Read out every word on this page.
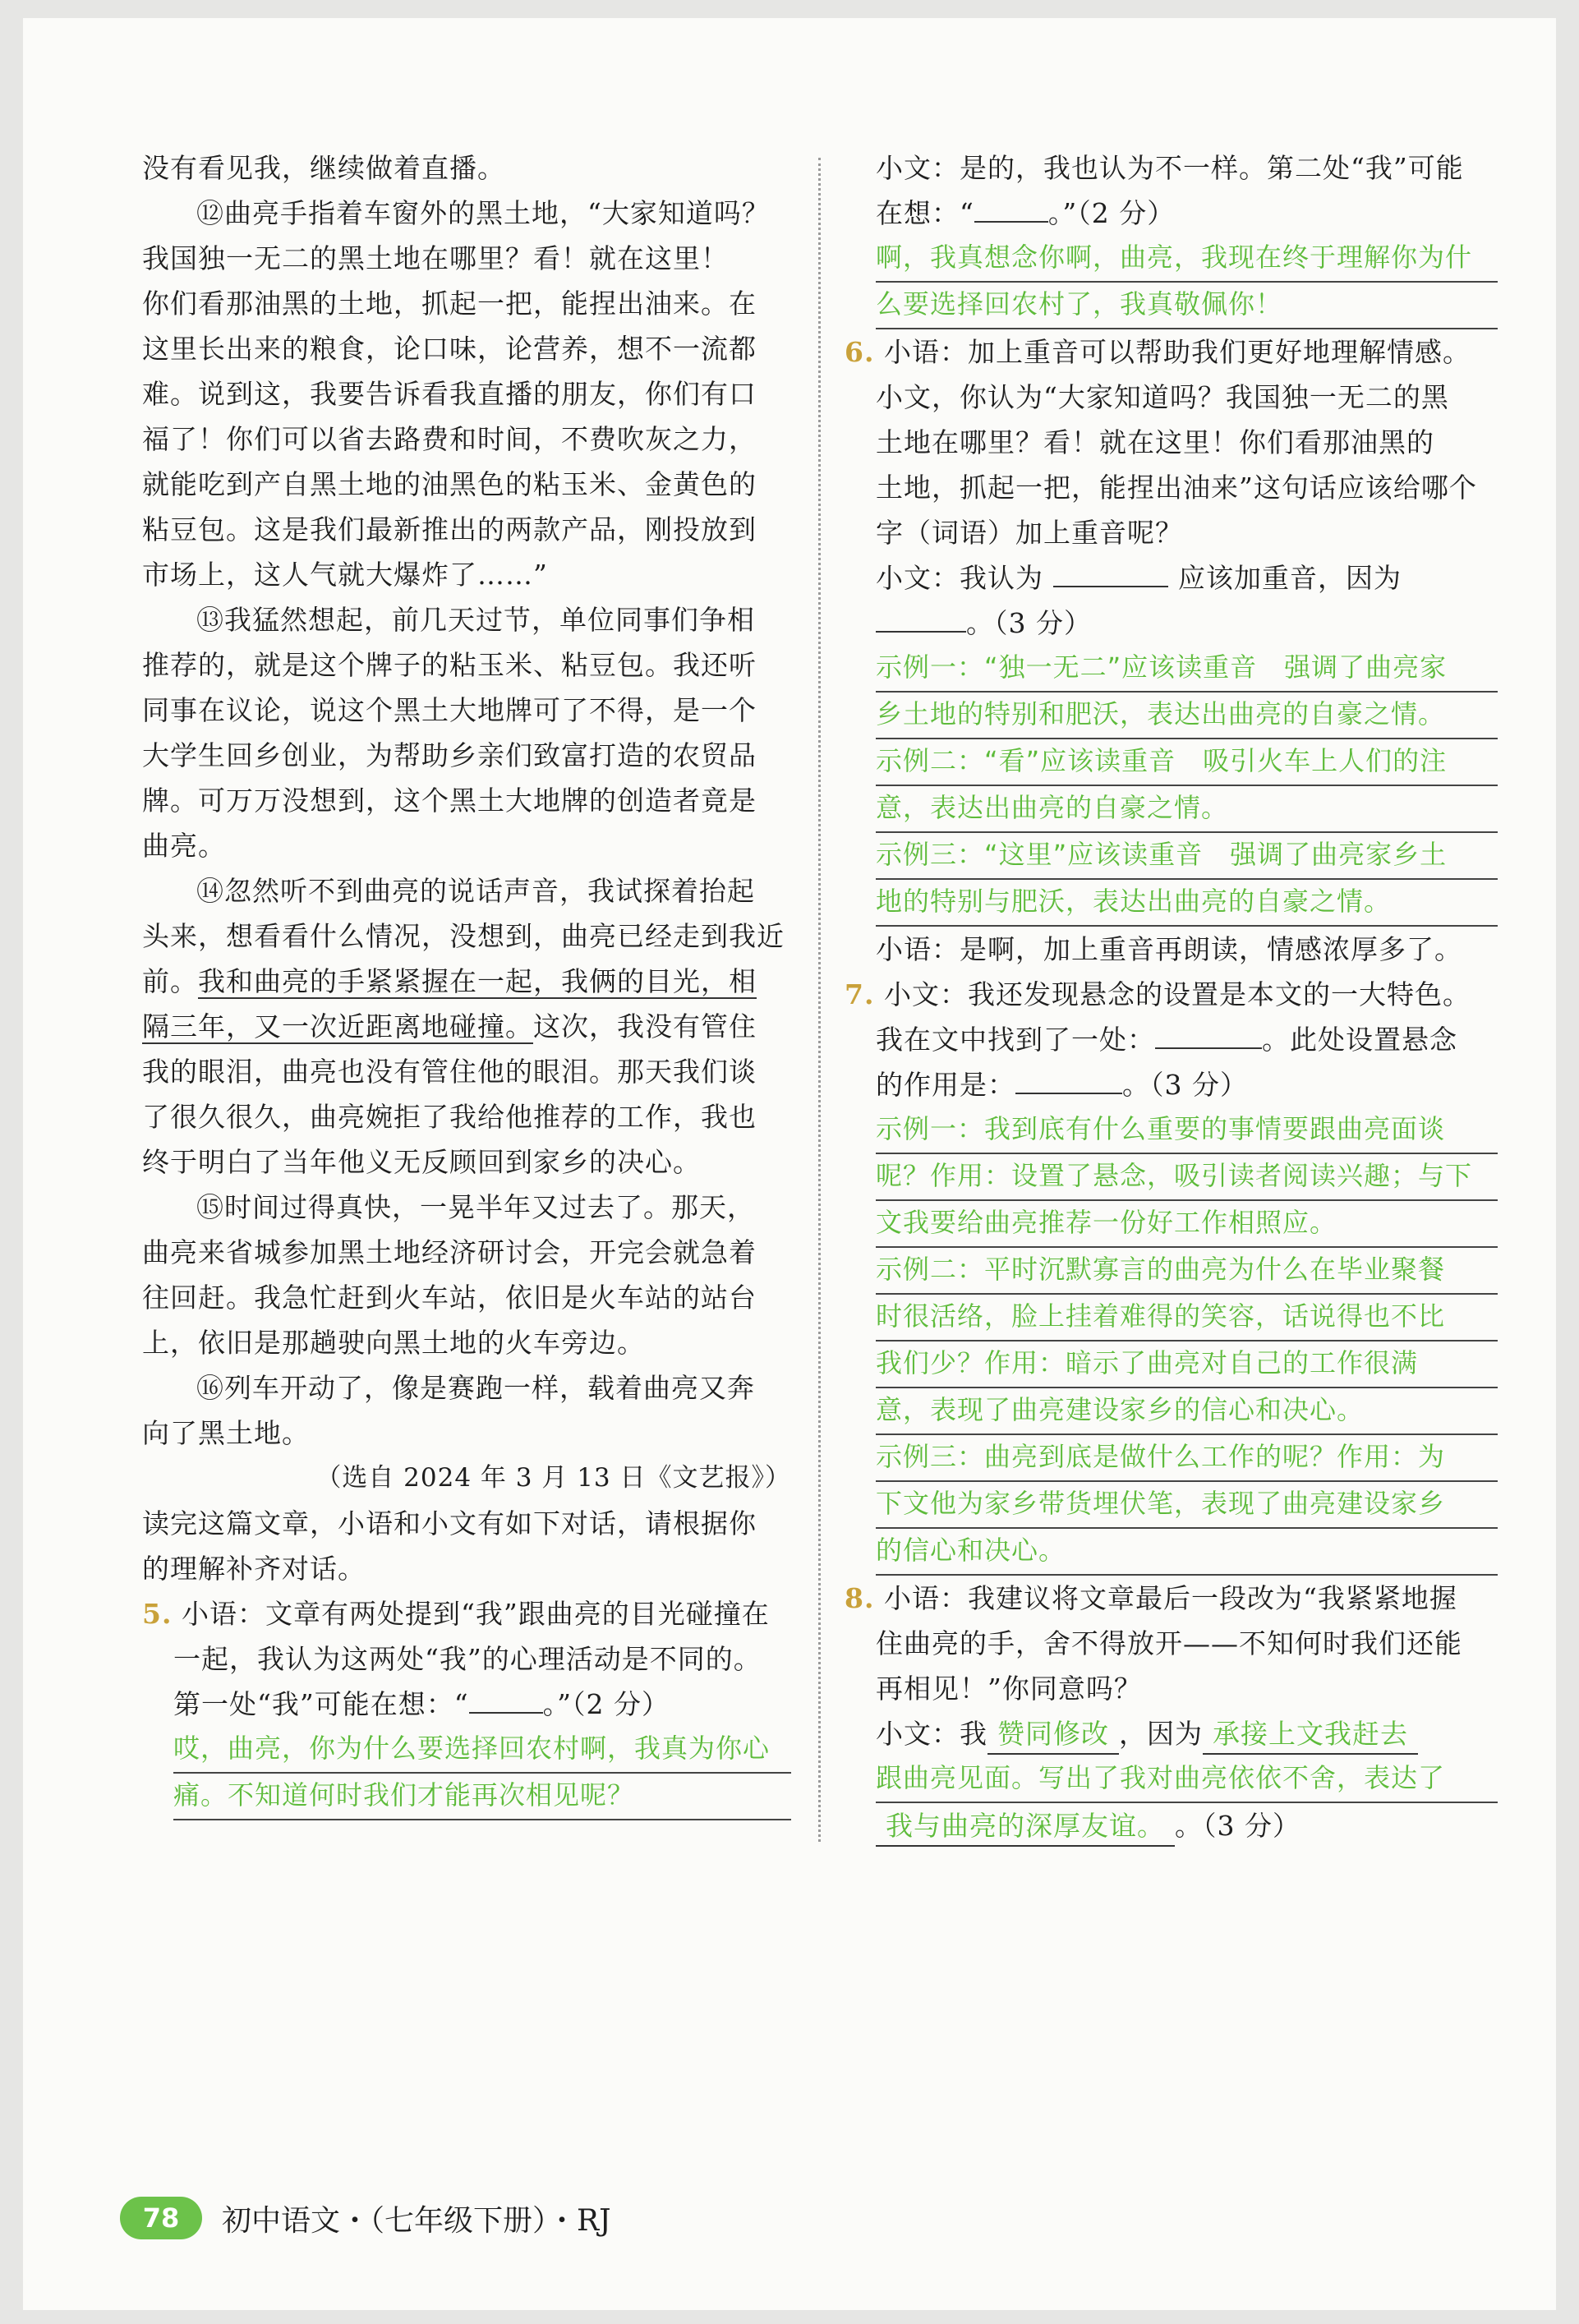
没有看见我，继续做着直播。
⑫曲亮手指着车窗外的黑土地，“大家知道吗？
我国独一无二的黑土地在哪里？看！就在这里！
你们看那油黑的土地，抓起一把，能捏出油来。在
这里长出来的粮食，论口味，论营养，想不一流都
难。说到这，我要告诉看我直播的朋友，你们有口
福了！你们可以省去路费和时间，不费吹灰之力，
就能吃到产自黑土地的油黑色的粘玉米、金黄色的
粘豆包。这是我们最新推出的两款产品，刚投放到
市场上，这人气就大爆炸了……”
⑬我猛然想起，前几天过节，单位同事们争相
推荐的，就是这个牌子的粘玉米、粘豆包。我还听
同事在议论，说这个黑土大地牌可了不得，是一个
大学生回乡创业，为帮助乡亲们致富打造的农贸品
牌。可万万没想到，这个黑土大地牌的创造者竟是
曲亮。
⑭忽然听不到曲亮的说话声音，我试探着抬起
头来，想看看什么情况，没想到，曲亮已经走到我近
前。我和曲亮的手紧紧握在一起，我俩的目光，相
隔三年，又一次近距离地碰撞。这次，我没有管住
我的眼泪，曲亮也没有管住他的眼泪。那天我们谈
了很久很久，曲亮婉拒了我给他推荐的工作，我也
终于明白了当年他义无反顾回到家乡的决心。
⑮时间过得真快，一晃半年又过去了。那天，
曲亮来省城参加黑土地经济研讨会，开完会就急着
往回赶。我急忙赶到火车站，依旧是火车站的站台
上，依旧是那趟驶向黑土地的火车旁边。
⑯列车开动了，像是赛跑一样，载着曲亮又奔
向了黑土地。
（选自 2024 年 3 月 13 日《文艺报》）
读完这篇文章，小语和小文有如下对话，请根据你
的理解补齐对话。
5. 小语：文章有两处提到“我”跟曲亮的目光碰撞在
一起，我认为这两处“我”的心理活动是不同的。
第一处“我”可能在想：“	。”（2 分）
哎，曲亮，你为什么要选择回农村啊，我真为你心
痛。不知道何时我们才能再次相见呢？
小文：是的，我也认为不一样。第二处“我”可能
在想：“	。”（2 分）
啊，我真想念你啊，曲亮，我现在终于理解你为什
么要选择回农村了，我真敬佩你！
6. 小语：加上重音可以帮助我们更好地理解情感。
小文，你认为“大家知道吗？我国独一无二的黑
土地在哪里？看！就在这里！你们看那油黑的
土地，抓起一把，能捏出油来”这句话应该给哪个
字（词语）加上重音呢？
小文：我认为	应该加重音，因为
。（3 分）
示例一：“独一无二”应该读重音　强调了曲亮家
乡土地的特别和肥沃，表达出曲亮的自豪之情。
示例二：“看”应该读重音　吸引火车上人们的注
意，表达出曲亮的自豪之情。
示例三：“这里”应该读重音　强调了曲亮家乡土
地的特别与肥沃，表达出曲亮的自豪之情。
小语：是啊，加上重音再朗读，情感浓厚多了。
7. 小文：我还发现悬念的设置是本文的一大特色。
我在文中找到了一处：	。此处设置悬念
的作用是：	。（3 分）
示例一：我到底有什么重要的事情要跟曲亮面谈
呢？作用：设置了悬念，吸引读者阅读兴趣；与下
文我要给曲亮推荐一份好工作相照应。
示例二：平时沉默寡言的曲亮为什么在毕业聚餐
时很活络，脸上挂着难得的笑容，话说得也不比
我们少？作用：暗示了曲亮对自己的工作很满
意，表现了曲亮建设家乡的信心和决心。
示例三：曲亮到底是做什么工作的呢？作用：为
下文他为家乡带货埋伏笔，表现了曲亮建设家乡
的信心和决心。
8. 小语：我建议将文章最后一段改为“我紧紧地握
住曲亮的手，舍不得放开——不知何时我们还能
再相见！”你同意吗？
小文：我 赞同修改 ，因为 承接上文我赶去
跟曲亮见面。写出了我对曲亮依依不舍，表达了
我与曲亮的深厚友谊。 。（3 分）
78	初中语文・（七年级下册）・RJ
